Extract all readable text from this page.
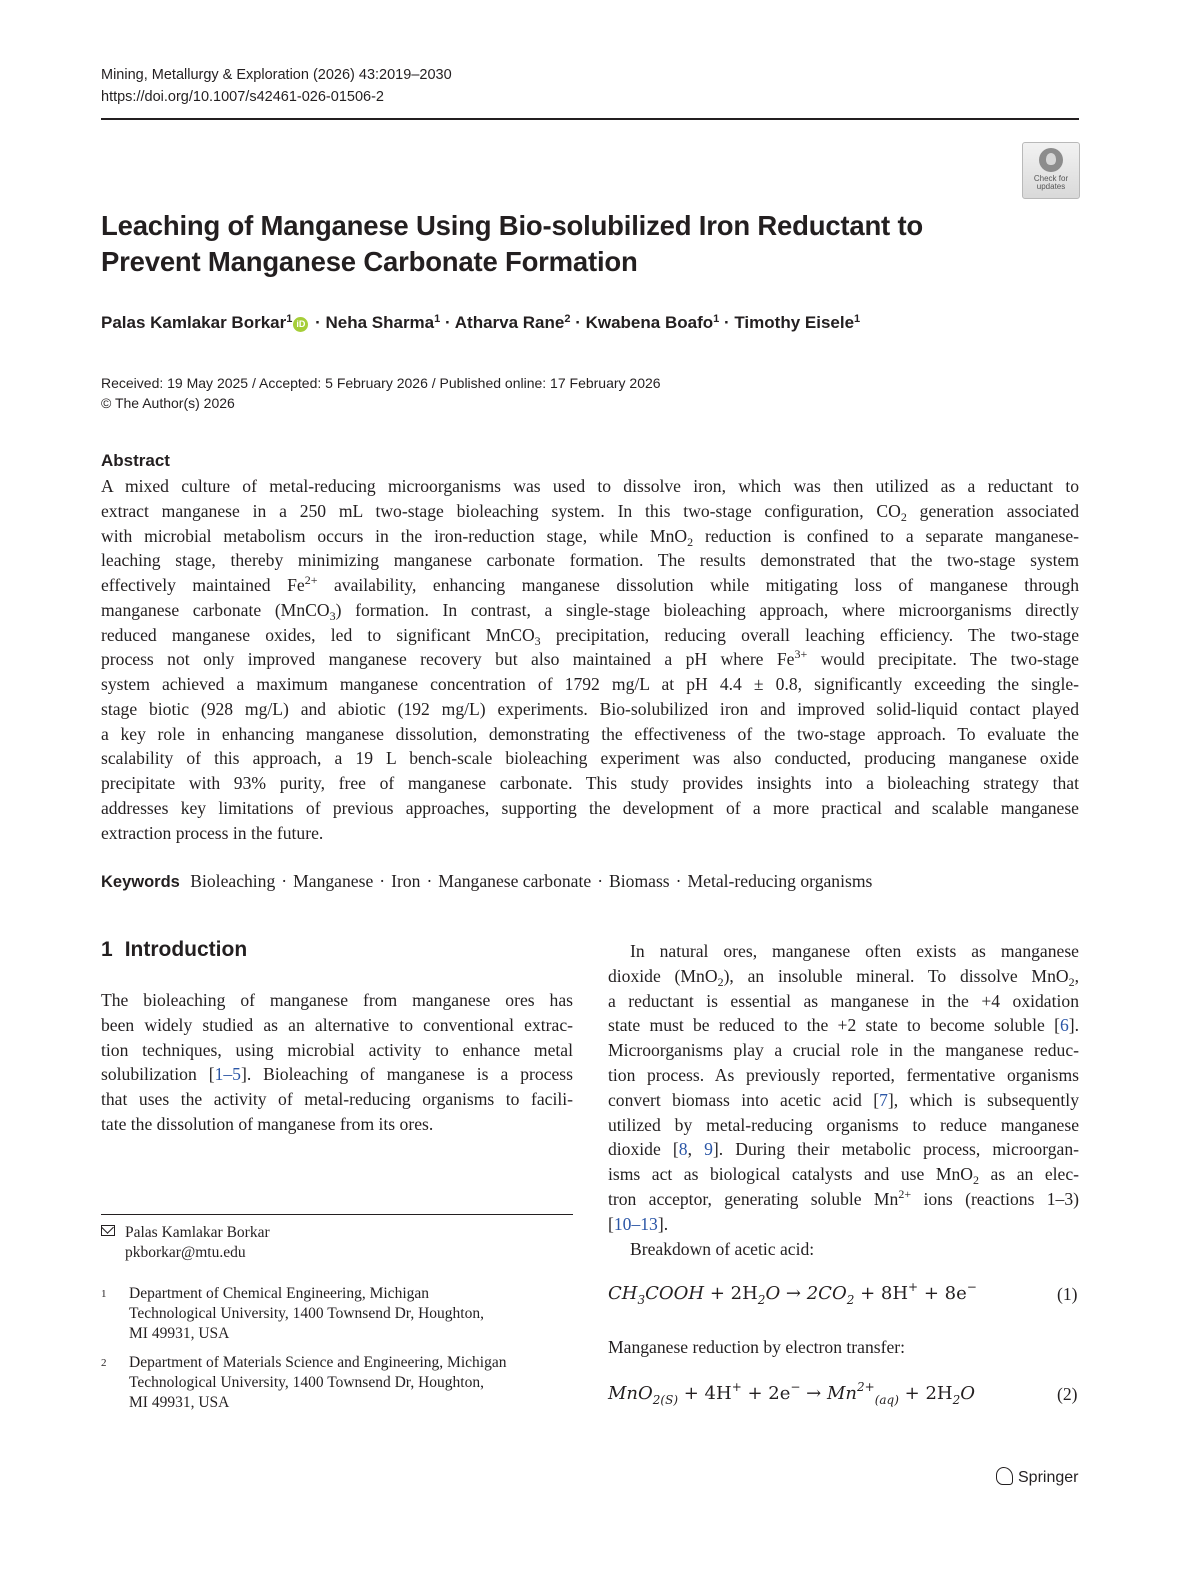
Mining, Metallurgy & Exploration (2026) 43:2019–2030
https://doi.org/10.1007/s42461-026-01506-2
Check for
updates
Leaching of Manganese Using Bio-solubilized Iron Reductant to
Prevent Manganese Carbonate Formation
Palas Kamlakar Borkar$^1$ iD · Neha Sharma$^1$ · Atharva Rane$^2$ · Kwabena Boafo$^1$ · Timothy Eisele$^1$
Received: 19 May 2025 / Accepted: 5 February 2026 / Published online: 17 February 2026
© The Author(s) 2026
Abstract
A mixed culture of metal-reducing microorganisms was used to dissolve iron, which was then utilized as a reductant to
extract manganese in a 250 mL two-stage bioleaching system. In this two-stage configuration, $CO_2$ generation associated
with microbial metabolism occurs in the iron-reduction stage, while MnO$_2$ reduction is confined to a separate manganese-
leaching stage, thereby minimizing manganese carbonate formation. The results demonstrated that the two-stage system
effectively maintained $Fe^{2+}$ availability, enhancing manganese dissolution while mitigating loss of manganese through
manganese carbonate (MnCO$_3$) formation. In contrast, a single-stage bioleaching approach, where microorganisms directly
reduced manganese oxides, led to significant MnCO$_3$ precipitation, reducing overall leaching efficiency. The two-stage
process not only improved manganese recovery but also maintained a pH where $Fe^{3+}$ would precipitate. The two-stage
system achieved a maximum manganese concentration of 1792 mg/L at pH 4.4 ± 0.8, significantly exceeding the single-
stage biotic (928 mg/L) and abiotic (192 mg/L) experiments. Bio-solubilized iron and improved solid-liquid contact played
a key role in enhancing manganese dissolution, demonstrating the effectiveness of the two-stage approach. To evaluate the
scalability of this approach, a 19 L bench-scale bioleaching experiment was also conducted, producing manganese oxide
precipitate with 93% purity, free of manganese carbonate. This study provides insights into a bioleaching strategy that
addresses key limitations of previous approaches, supporting the development of a more practical and scalable manganese
extraction process in the future.
Keywords Bioleaching · Manganese · Iron · Manganese carbonate · Biomass · Metal-reducing organisms
1 Introduction
The bioleaching of manganese from manganese ores has
been widely studied as an alternative to conventional extrac-
tion techniques, using microbial activity to enhance metal
solubilization [1–5]. Bioleaching of manganese is a process
that uses the activity of metal-reducing organisms to facili-
tate the dissolution of manganese from its ores.
Palas Kamlakar Borkar
pkborkar@mtu.edu
1 Department of Chemical Engineering, Michigan
Technological University, 1400 Townsend Dr, Houghton,
MI 49931, USA
2 Department of Materials Science and Engineering, Michigan
Technological University, 1400 Townsend Dr, Houghton,
MI 49931, USA
In natural ores, manganese often exists as manganese
dioxide (MnO$_2$), an insoluble mineral. To dissolve MnO$_2$,
a reductant is essential as manganese in the +4 oxidation
state must be reduced to the +2 state to become soluble [6].
Microorganisms play a crucial role in the manganese reduc-
tion process. As previously reported, fermentative organisms
convert biomass into acetic acid [7], which is subsequently
utilized by metal-reducing organisms to reduce manganese
dioxide [8, 9]. During their metabolic process, microorgan-
isms act as biological catalysts and use MnO$_2$ as an elec-
tron acceptor, generating soluble $Mn^{2+}$ ions (reactions 1–3)
[10–13].
Breakdown of acetic acid:
$CH_3COOH + 2H_2O \to 2CO_2 + 8H^+ + 8e^-$	(1)
Manganese reduction by electron transfer:
$MnO_{2(S)} + 4H^+ + 2e^- \to Mn^{2+}_{(aq)} + 2H_2O$	(2)
Springer
